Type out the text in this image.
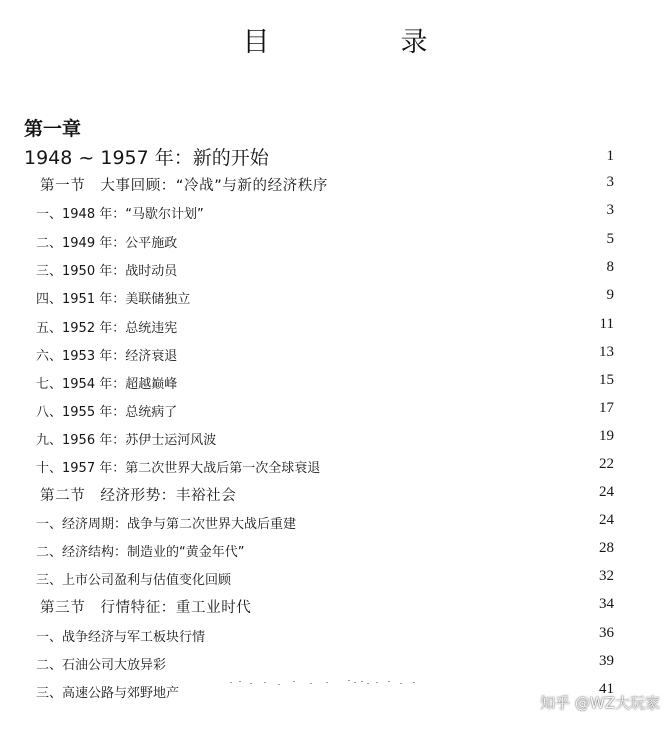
目　录
第一章
1948 ~ 1957 年：新的开始	1
第一节　大事回顾：“冷战”与新的经济秩序	3
一、1948 年：“马歇尔计划”	3
二、1949 年：公平施政	5
三、1950 年：战时动员	8
四、1951 年：美联储独立	9
五、1952 年：总统违宪	11
六、1953 年：经济衰退	13
七、1954 年：超越巅峰	15
八、1955 年：总统病了	17
九、1956 年：苏伊士运河风波	19
十、1957 年：第二次世界大战后第一次全球衰退	22
第二节　经济形势：丰裕社会	24
一、经济周期：战争与第二次世界大战后重建	24
二、经济结构：制造业的“黄金年代”	28
三、上市公司盈利与估值变化回顾	32
第三节　行情特征：重工业时代	34
一、战争经济与军工板块行情	36
二、石油公司大放异彩	39
三、高速公路与郊野地产	41
知乎 @WZ大玩家
